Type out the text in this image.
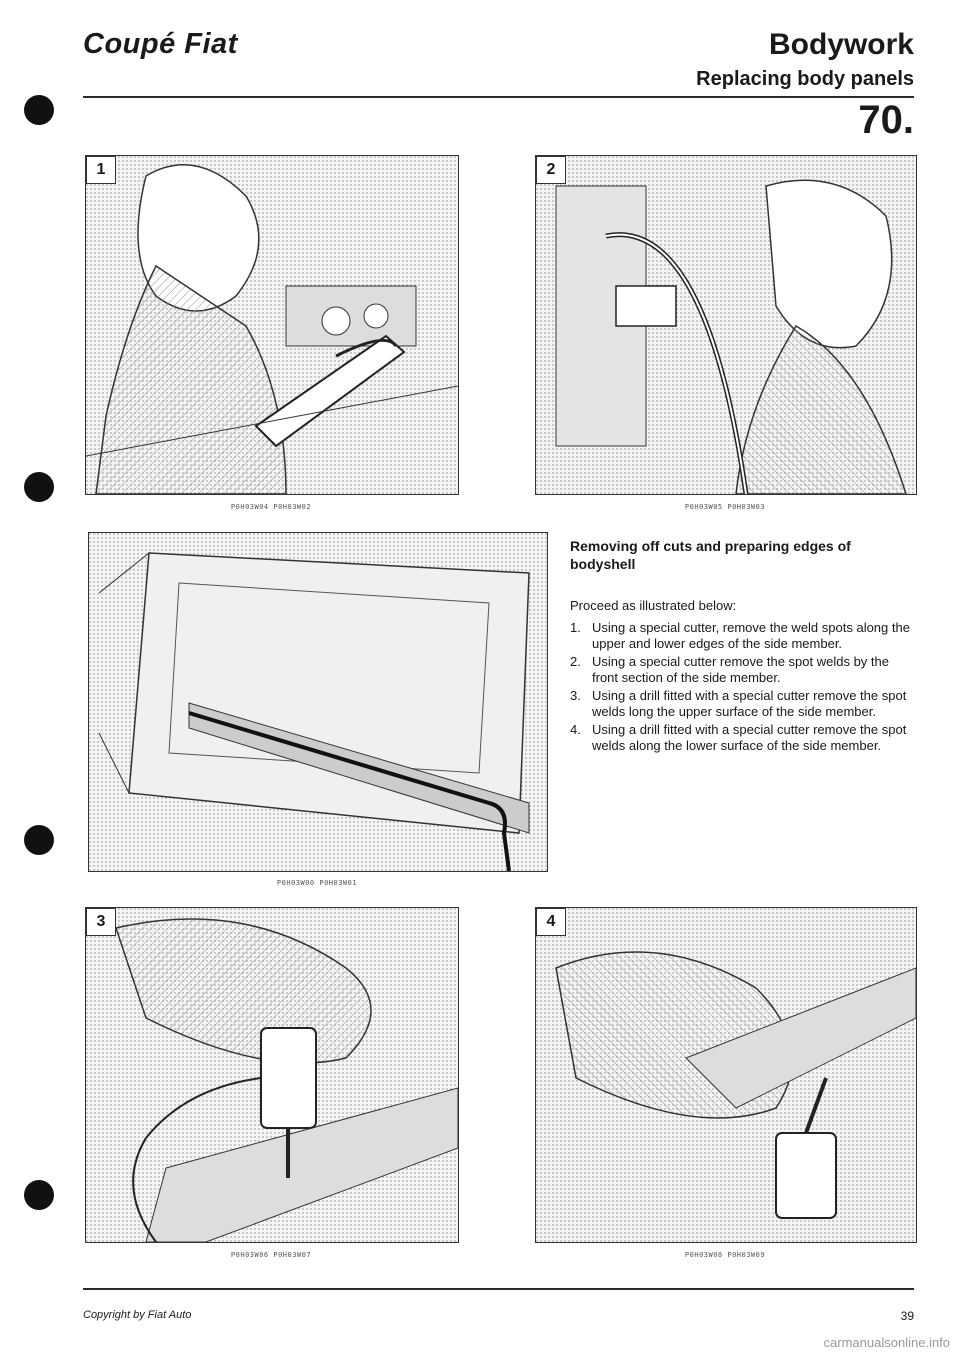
Coupé Fiat	Bodywork
Replacing body panels
70.
1
P0H03W04 P0H03W02
2
P0H03W05 P0H03W03
P0H03W00 P0H03W01
Removing off cuts and preparing edges of bodyshell
Proceed as illustrated below:
1. Using a special cutter, remove the weld spots along the upper and lower edges of the side member.
2. Using a special cutter remove the spot welds by the front section of the side member.
3. Using a drill fitted with a special cutter remove the spot welds long the upper surface of the side member.
4. Using a drill fitted with a special cutter remove the spot welds along the lower surface of the side member.
3
P0H03W06 P0H03W07
4
P0H03W08 P0H03W09
Copyright by Fiat Auto	39
carmanualsonline.info
